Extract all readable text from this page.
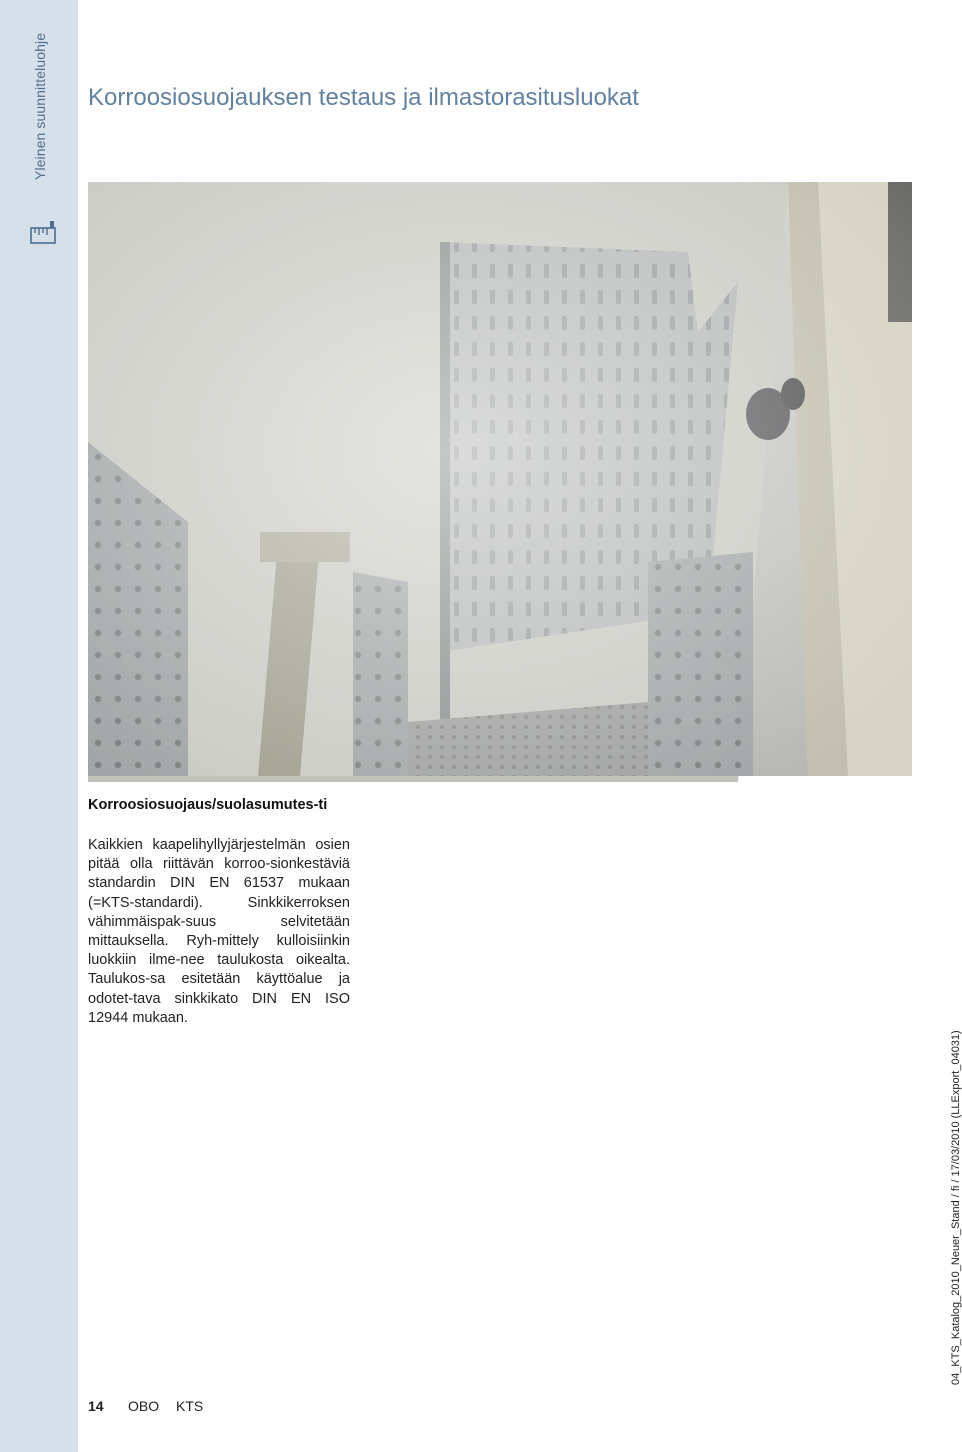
Yleinen suunnitteluohje Korroosiosuojauksen testaus ja ilmastorasitusluokat
Korroosiosuojaus/suolasumutes-ti

Kaikkien kaapelihyllyjärjestelmän osien pitää olla riittävän korroo-sionkestäviä standardin DIN EN 61537 mukaan (=KTS-standardi). Sinkkikerroksen vähimmäispak-suus selvitetään mittauksella. Ryh-mittely kulloisiinkin luokkiin ilme-nee taulukosta oikealta. Taulukos-sa esitetään käyttöalue ja odotet-tava sinkkikato DIN EN ISO 12944 mukaan.

14 OBO KTS
04_KTS_Katalog_2010_Neuer_Stand / fi / 17/03/2010 (LLExport_04031)
